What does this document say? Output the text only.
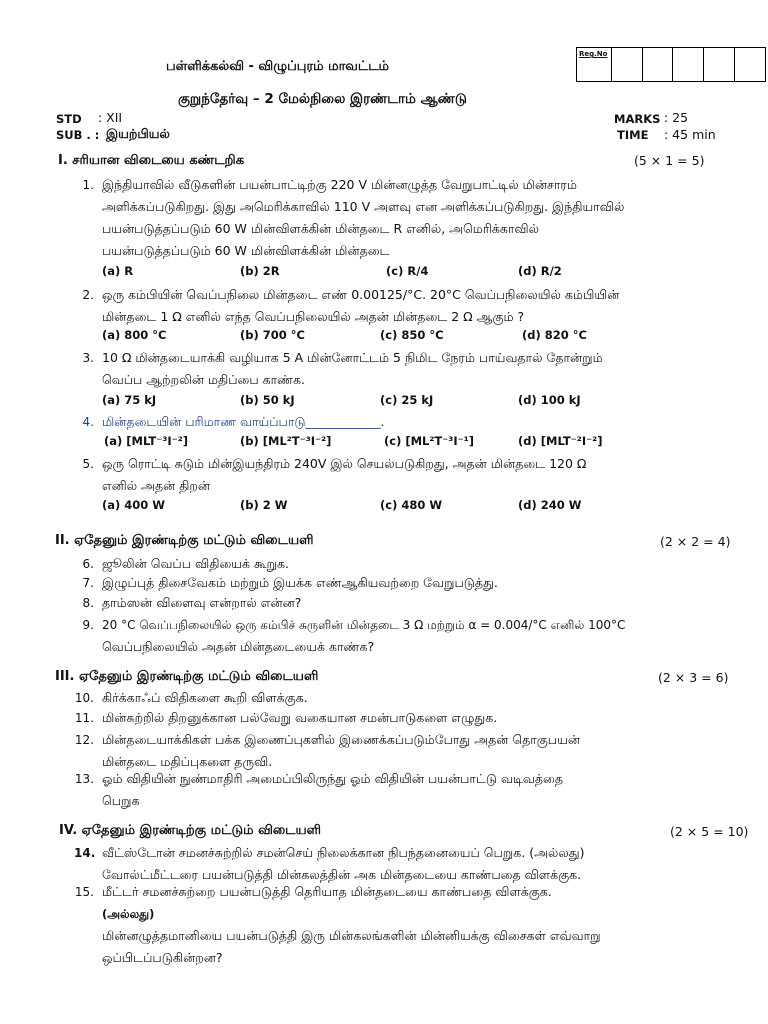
பள்ளிக்கல்வி - விழுப்புரம் மாவட்டம்
Reg.No
குறுந்தேர்வு – 2 மேல்நிலை இரண்டாம் ஆண்டு
STD : XII
SUB . : இயற்பியல்
MARKS : 25
TIME : 45 min
I. சரியான விடையை கண்டறிக	(5 × 1 = 5)
1. இந்தியாவில் வீடுகளின் பயன்பாட்டிற்கு 220 V மின்னழுத்த வேறுபாட்டில் மின்சாரம்
அளிக்கப்படுகிறது. இது அமெரிக்காவில் 110 V அளவு என அளிக்கப்படுகிறது. இந்தியாவில்
பயன்படுத்தப்படும் 60 W மின்விளக்கின் மின்தடை R எனில், அமெரிக்காவில்
பயன்படுத்தப்படும் 60 W மின்விளக்கின் மின்தடை
(a) R	(b) 2R	(c) R/4	(d) R/2
2. ஒரு கம்பியின் வெப்பநிலை மின்தடை எண் 0.00125/°C. 20°C வெப்பநிலையில் கம்பியின்
மின்தடை 1 Ω எனில் எந்த வெப்பநிலையில் அதன் மின்தடை 2 Ω ஆகும் ?
(a) 800 °C	(b) 700 °C	(c) 850 °C	(d) 820 °C
3. 10 Ω மின்தடையாக்கி வழியாக 5 A மின்னோட்டம் 5 நிமிட நேரம் பாய்வதால் தோன்றும்
வெப்ப ஆற்றலின் மதிப்பை காண்க.
(a) 75 kJ	(b) 50 kJ	(c) 25 kJ	(d) 100 kJ
4. மின்தடையின் பரிமாண வாய்ப்பாடு____________.
(a) [MLT⁻³I⁻²]	(b) [ML²T⁻³I⁻²]	(c) [ML²T⁻³I⁻¹]	(d) [MLT⁻²I⁻²]
5. ஒரு ரொட்டி சுடும் மின்இயந்திரம் 240V இல் செயல்படுகிறது, அதன் மின்தடை 120 Ω
எனில் அதன் திறன்
(a) 400 W	(b) 2 W	(c) 480 W	(d) 240 W
II. ஏதேனும் இரண்டிற்கு மட்டும் விடையளி	(2 × 2 = 4)
6. ஜூலின் வெப்ப விதியைக் கூறுக.
7. இழுப்புத் திசைவேகம் மற்றும் இயக்க எண்ஆகியவற்றை வேறுபடுத்து.
8. தாம்ஸன் விளைவு என்றால் என்ன?
9. 20 °C வெப்பநிலையில் ஒரு கம்பிச் சுருளின் மின்தடை 3 Ω மற்றும் α = 0.004/°C எனில் 100°C
வெப்பநிலையில் அதன் மின்தடையைக் காண்க?
III. ஏதேனும் இரண்டிற்கு மட்டும் விடையளி	(2 × 3 = 6)
10. கிர்க்காஃப் விதிகளை கூறி விளக்குக.
11. மின்சுற்றில் திறனுக்கான பல்வேறு வகையான சமன்பாடுகளை எழுதுக.
12. மின்தடையாக்கிகள் பக்க இணைப்புகளில் இணைக்கப்படும்போது அதன் தொகுபயன்
மின்தடை மதிப்புகளை தருவி.
13. ஓம் விதியின் நுண்மாதிரி அமைப்பிலிருந்து ஓம் விதியின் பயன்பாட்டு வடிவத்தை
பெறுக
IV. ஏதேனும் இரண்டிற்கு மட்டும் விடையளி	(2 × 5 = 10)
14. வீட்ஸ்டோன் சமனச்சுற்றில் சமன்செய் நிலைக்கான நிபந்தனையைப் பெறுக. (அல்லது)
வோல்ட்மீட்டரை பயன்படுத்தி மின்கலத்தின் அக மின்தடையை காண்பதை விளக்குக.
15. மீட்டர் சமனச்சுற்றை பயன்படுத்தி தெரியாத மின்தடையை காண்பதை விளக்குக.
(அல்லது)
மின்னழுத்தமானியை பயன்படுத்தி இரு மின்கலங்களின் மின்னியக்கு விசைகள் எவ்வாறு
ஒப்பிடப்படுகின்றன?
